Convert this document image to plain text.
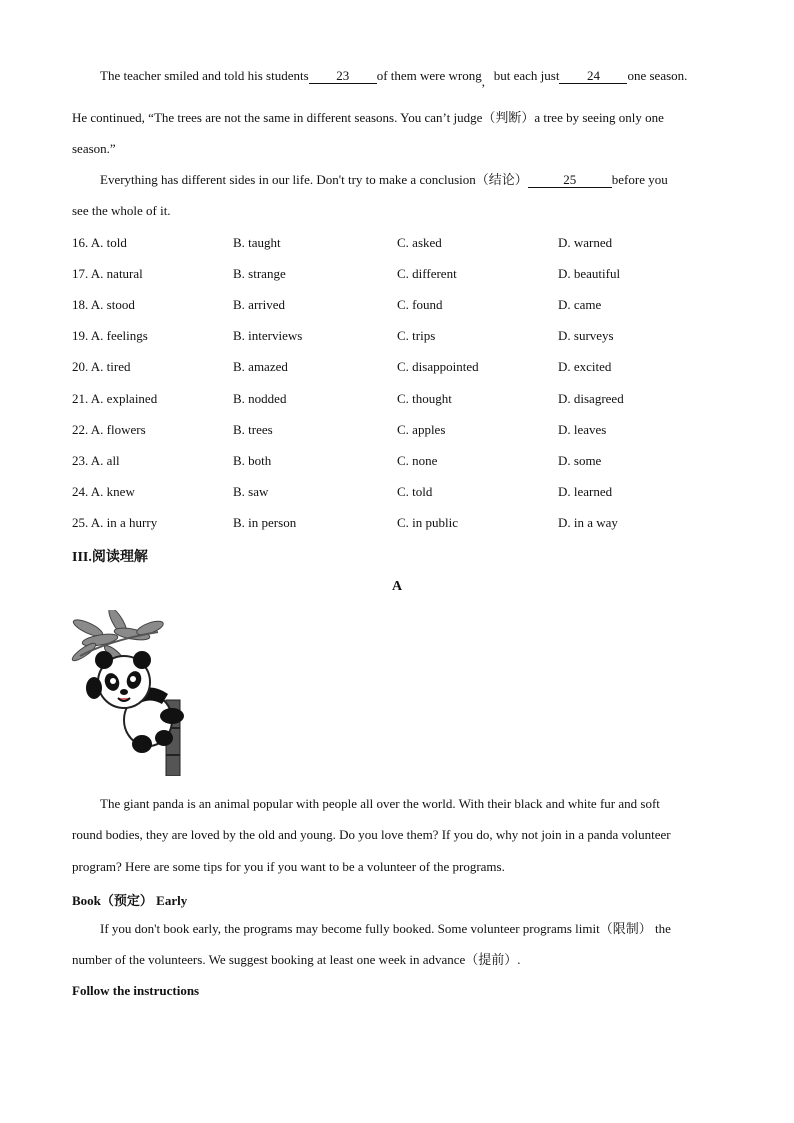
The teacher smiled and told his students 23 of them were wrong, but each just 24 one season.
He continued, “The trees are not the same in different seasons. You can’t judge（判断）a tree by seeing only one
season.”
Everything has different sides in our life. Don't try to make a conclusion（结论）	25	before you
see the whole of it.
16. A. told	B. taught	C. asked	D. warned
17. A. natural	B. strange	C. different	D. beautiful
18. A. stood	B. arrived	C. found	D. came
19. A. feelings	B. interviews	C. trips	D. surveys
20. A. tired	B. amazed	C. disappointed	D. excited
21. A. explained	B. nodded	C. thought	D. disagreed
22. A. flowers	B. trees	C. apples	D. leaves
23. A. all	B. both	C. none	D. some
24. A. knew	B. saw	C. told	D. learned
25. A. in a hurry	B. in person	C. in public	D. in a way
III.阅读理解
A
The giant panda is an animal popular with people all over the world. With their black and white fur and soft
round bodies, they are loved by the old and young. Do you love them? If you do, why not join in a panda volunteer
program? Here are some tips for you if you want to be a volunteer of the programs.
Book（预定） Early
If you don't book early, the programs may become fully booked. Some volunteer programs limit（限制） the
number of the volunteers. We suggest booking at least one week in advance（提前）.
Follow the instructions
